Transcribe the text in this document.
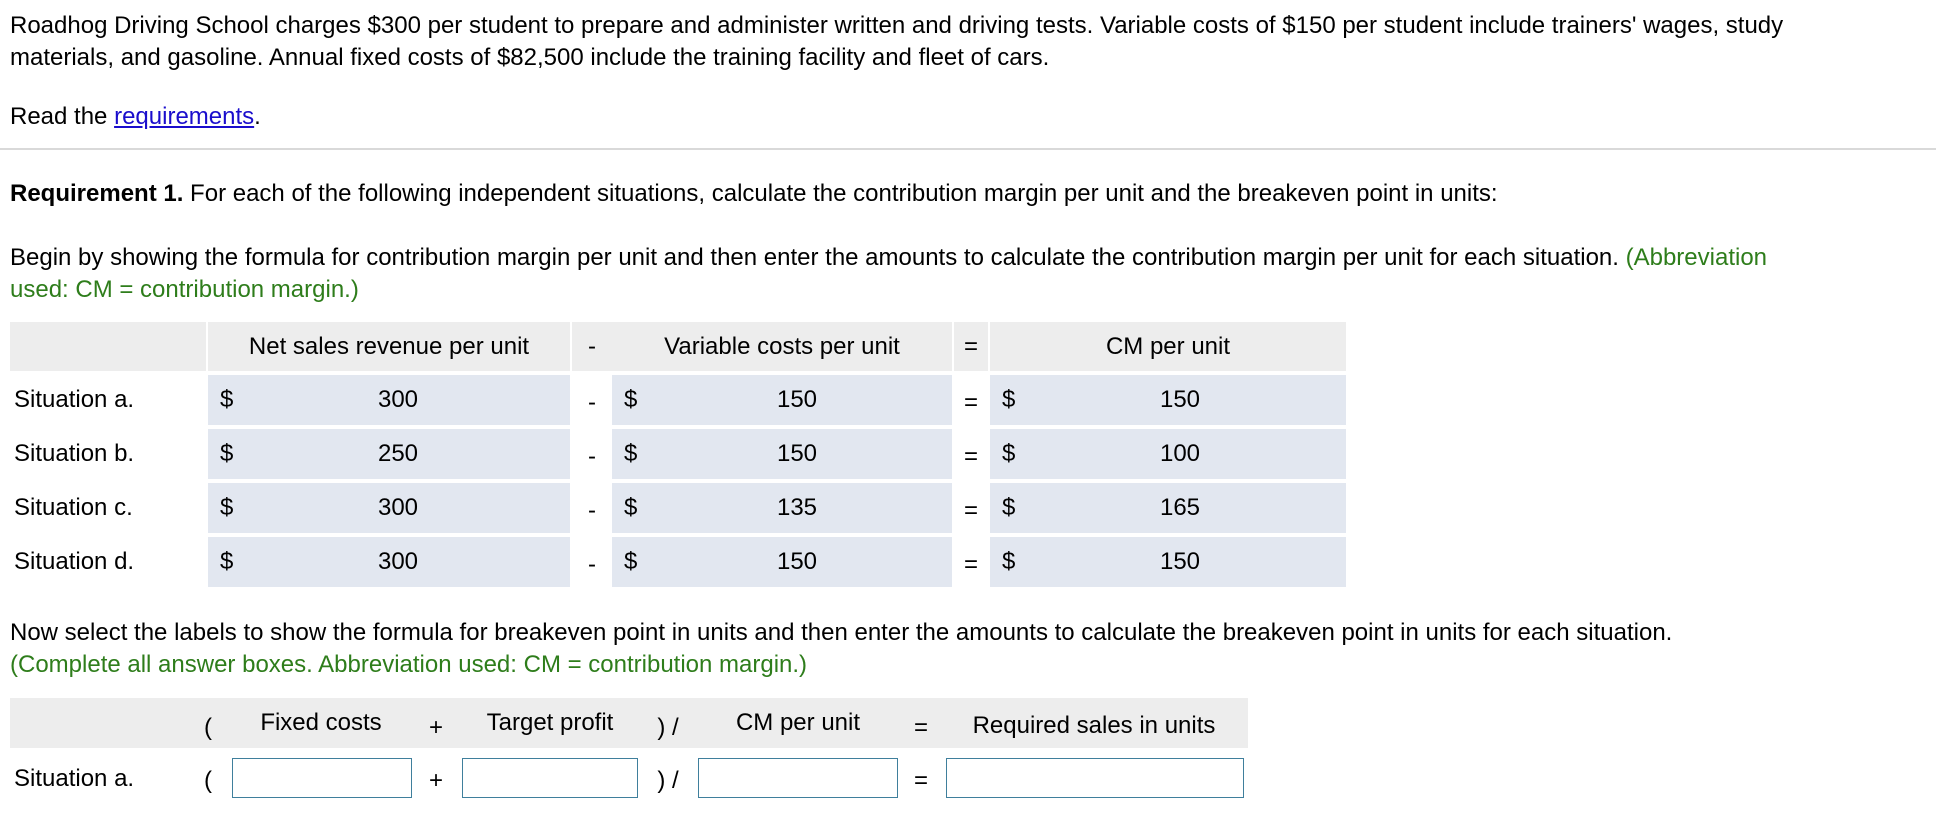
Roadhog Driving School charges $300 per student to prepare and administer written and driving tests. Variable costs of $150 per student include trainers' wages, study
materials, and gasoline. Annual fixed costs of $82,500 include the training facility and fleet of cars.
Read the requirements.
Requirement 1. For each of the following independent situations, calculate the contribution margin per unit and the breakeven point in units:
Begin by showing the formula for contribution margin per unit and then enter the amounts to calculate the contribution margin per unit for each situation. (Abbreviation
used: CM = contribution margin.)
Net sales revenue per unit -	Variable costs per unit	=	CM per unit
Situation a.	$	300	- $	150	= $	150
Situation b.	$	250	- $	150	= $	100
Situation c.	$	300	- $	135	= $	165
Situation d.	$	300	- $	150	= $	150
Now select the labels to show the formula for breakeven point in units and then enter the amounts to calculate the breakeven point in units for each situation.
(Complete all answer boxes. Abbreviation used: CM = contribution margin.)
( Fixed costs + Target profit ) / CM per unit = Required sales in units
Situation a.	(	+	) /	=
